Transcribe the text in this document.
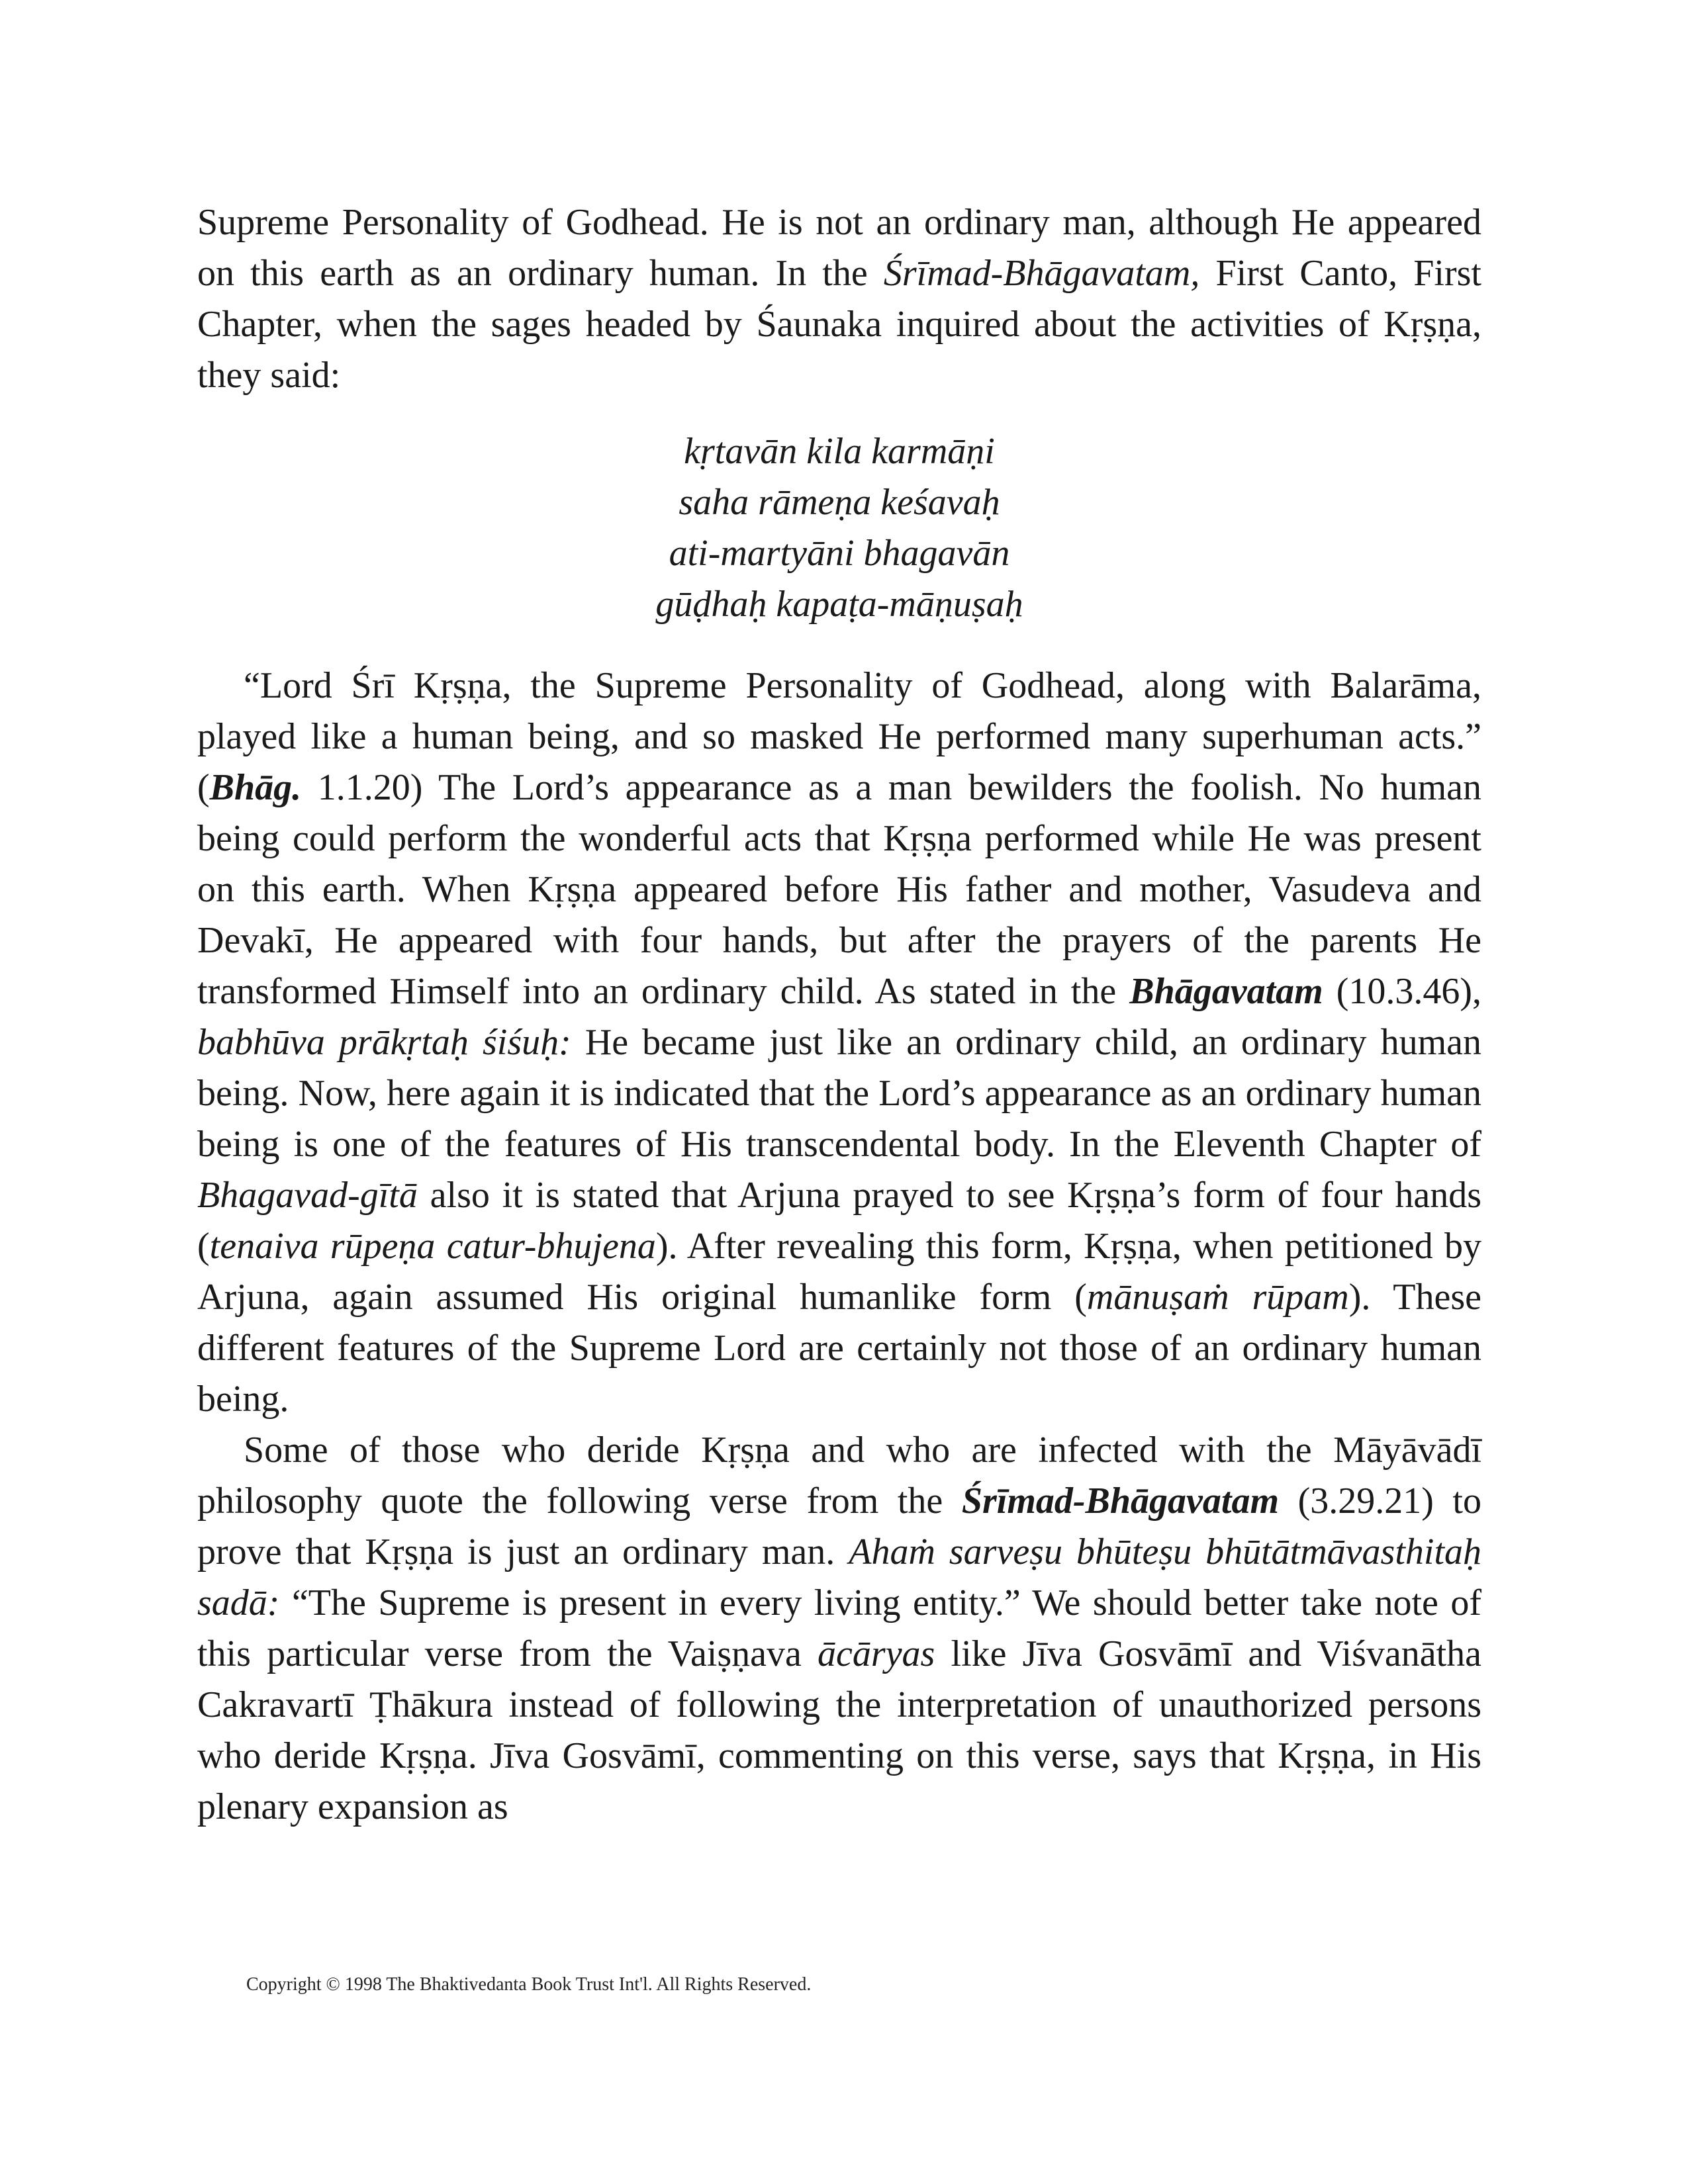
Supreme Personality of Godhead. He is not an ordinary man, although He appeared on this earth as an ordinary human. In the Śrīmad-Bhāgavatam, First Canto, First Chapter, when the sages headed by Śaunaka inquired about the activities of Kṛṣṇa, they said:

kṛtavān kila karmāṇi
saha rāmeṇa keśavaḥ
ati-martyāni bhagavān
gūḍhaḥ kapaṭa-māṇuṣaḥ

“Lord Śrī Kṛṣṇa, the Supreme Personality of Godhead, along with Balarāma, played like a human being, and so masked He performed many superhuman acts.” (Bhāg. 1.1.20) The Lord’s appearance as a man bewilders the foolish. No human being could perform the wonderful acts that Kṛṣṇa performed while He was present on this earth. When Kṛṣṇa appeared before His father and mother, Vasudeva and Devakī, He appeared with four hands, but after the prayers of the parents He transformed Himself into an ordinary child. As stated in the Bhāgavatam (10.3.46), babhūva prākṛtaḥ śiśuḥ: He became just like an ordinary child, an ordinary human being. Now, here again it is indicated that the Lord’s appearance as an ordinary human being is one of the features of His transcendental body. In the Eleventh Chapter of Bhagavad-gītā also it is stated that Arjuna prayed to see Kṛṣṇa’s form of four hands (tenaiva rūpeṇa catur-bhujena). After revealing this form, Kṛṣṇa, when petitioned by Arjuna, again assumed His original humanlike form (mānuṣaṁ rūpam). These different features of the Supreme Lord are certainly not those of an ordinary human being.

Some of those who deride Kṛṣṇa and who are infected with the Māyāvādī philosophy quote the following verse from the Śrīmad-Bhāgavatam (3.29.21) to prove that Kṛṣṇa is just an ordinary man. Ahaṁ sarveṣu bhūteṣu bhūtātmāvasthitaḥ sadā: “The Supreme is present in every living entity.” We should better take note of this particular verse from the Vaiṣṇava ācāryas like Jīva Gosvāmī and Viśvanātha Cakravartī Ṭhākura instead of following the interpretation of unauthorized persons who deride Kṛṣṇa. Jīva Gosvāmī, commenting on this verse, says that Kṛṣṇa, in His plenary expansion as

Copyright © 1998 The Bhaktivedanta Book Trust Int'l. All Rights Reserved.
